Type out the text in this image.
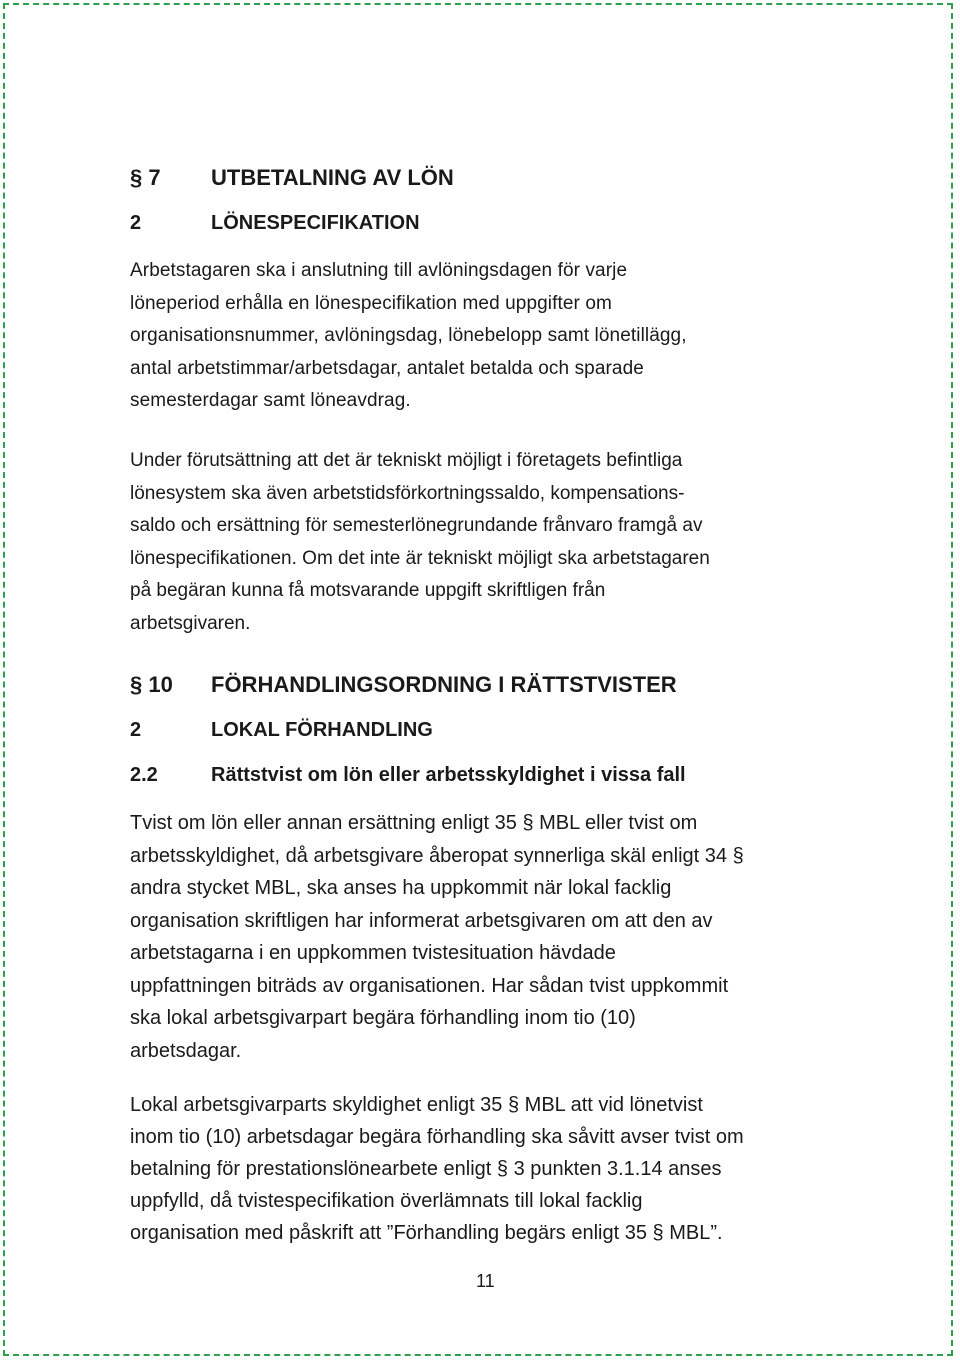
§ 7 UTBETALNING AV LÖN
2	LÖNESPECIFIKATION
Arbetstagaren ska i anslutning till avlöningsdagen för varje
löneperiod erhålla en lönespecifikation med uppgifter om
organisationsnummer, avlöningsdag, lönebelopp samt lönetillägg,
antal arbetstimmar/arbetsdagar, antalet betalda och sparade
semesterdagar samt löneavdrag.
Under förutsättning att det är tekniskt möjligt i företagets befintliga
lönesystem ska även arbetstidsförkortningssaldo, kompensations-
saldo och ersättning för semesterlönegrundande frånvaro framgå av
lönespecifikationen. Om det inte är tekniskt möjligt ska arbetstagaren
på begäran kunna få motsvarande uppgift skriftligen från
arbetsgivaren.
§ 10 FÖRHANDLINGSORDNING I RÄTTSTVISTER
2	LOKAL FÖRHANDLING
2.2	Rättstvist om lön eller arbetsskyldighet i vissa fall
Tvist om lön eller annan ersättning enligt 35 § MBL eller tvist om
arbetsskyldighet, då arbetsgivare åberopat synnerliga skäl enligt 34 §
andra stycket MBL, ska anses ha uppkommit när lokal facklig
organisation skriftligen har informerat arbetsgivaren om att den av
arbetstagarna i en uppkommen tvistesituation hävdade
uppfattningen biträds av organisationen. Har sådan tvist uppkommit
ska lokal arbetsgivarpart begära förhandling inom tio (10)
arbetsdagar.
Lokal arbetsgivarparts skyldighet enligt 35 § MBL att vid lönetvist
inom tio (10) arbetsdagar begära förhandling ska såvitt avser tvist om
betalning för prestationslönearbete enligt § 3 punkten 3.1.14 anses
uppfylld, då tvistespecifikation överlämnats till lokal facklig
organisation med påskrift att ”Förhandling begärs enligt 35 § MBL”.
11
